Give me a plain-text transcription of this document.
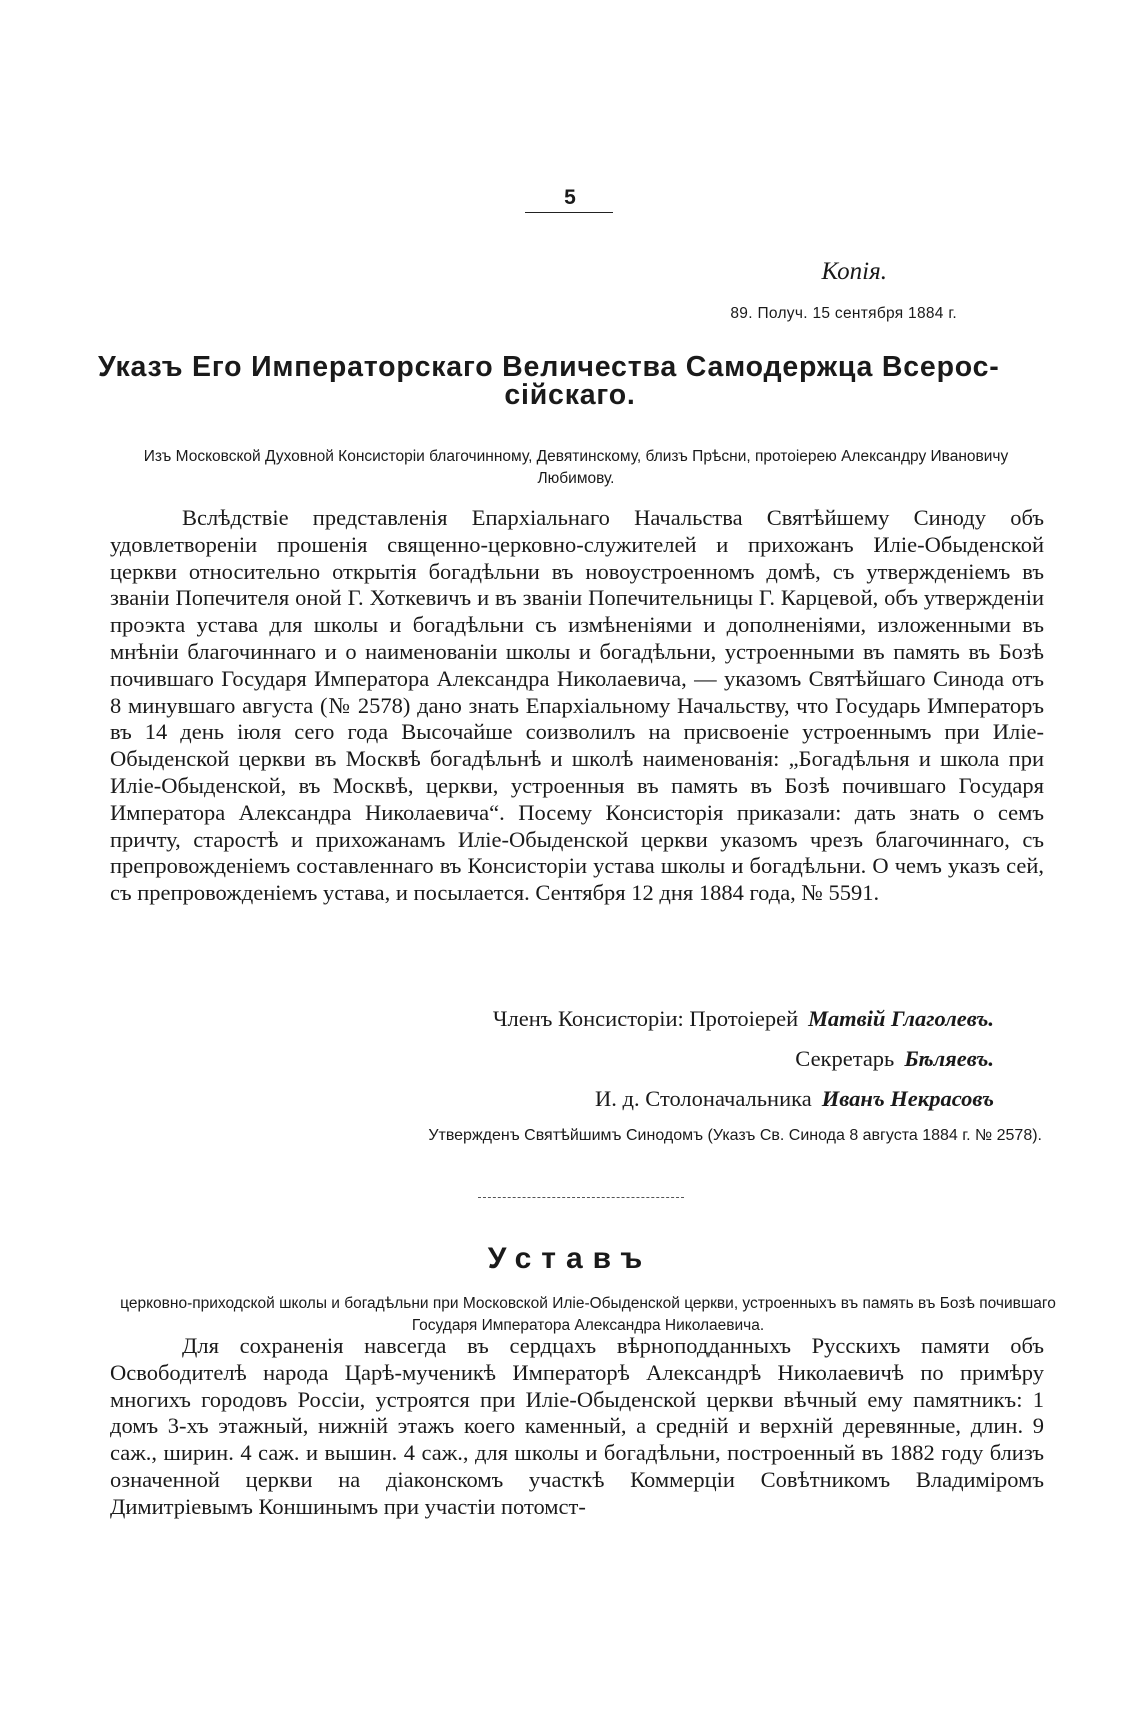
5
Копія.
89. Получ. 15 сентября 1884 г.
Указъ Его Императорскаго Величества Самодержца Всерос-
сійскаго.
Изъ Московской Духовной Консисторіи благочинному, Девятинскому, близъ Прѣсни, протоіерею Александру Ивановичу Любимову.

Вслѣдствіе представленія Епархіальнаго Начальства Святѣйшему Синоду объ удовлетвореніи прошенія священно-церковно-служителей и прихожанъ Иліе-Обыденской церкви относительно открытія богадѣльни въ новоустроенномъ домѣ, съ утвержденіемъ въ званіи Попечителя оной Г. Хоткевичъ и въ званіи Попечительницы Г. Карцевой, объ утвержденіи проэкта устава для школы и богадѣльни съ измѣненіями и дополненіями, изложенными въ мнѣніи благочиннаго и о наименованіи школы и богадѣльни, устроенными въ память въ Бозѣ почившаго Государя Императора Александра Николаевича, — указомъ Святѣйшаго Синода отъ 8 минувшаго августа (№ 2578) дано знать Епархіальному Начальству, что Государь Императоръ въ 14 день іюля сего года Высочайше соизволилъ на присвоеніе устроеннымъ при Иліе-Обыденской церкви въ Москвѣ богадѣльнѣ и школѣ наименованія: „Богадѣльня и школа при Иліе-Обыденской, въ Москвѣ, церкви, устроенныя въ память въ Бозѣ почившаго Государя Императора Александра Николаевича“. Посему Консисторія приказали: дать знать о семъ причту, старостѣ и прихожанамъ Иліе-Обыденской церкви указомъ чрезъ благочиннаго, съ препровожденіемъ составленнаго въ Консисторіи устава школы и богадѣльни. О чемъ указъ сей, съ препровожденіемъ устава, и посылается. Сентября 12 дня 1884 года, № 5591.

Членъ Консисторіи: Протоіерей Матвій Глаголевъ.
Секретарь Бѣляевъ.
И. д. Столоначальника Иванъ Некрасовъ
Утвержденъ Святѣйшимъ Синодомъ (Указъ Св. Синода 8 августа 1884 г. № 2578).
Уставъ
церковно-приходской школы и богадѣльни при Московской Иліе-Обыденской церкви, устроенныхъ въ память въ Бозѣ почившаго Государя Императора Александра Николаевича.

Для сохраненія навсегда въ сердцахъ вѣрноподданныхъ Русскихъ памяти объ Освободителѣ народа Царѣ-мученикѣ Императорѣ Александрѣ Николаевичѣ по примѣру многихъ городовъ Россіи, устроятся при Иліе-Обыденской церкви вѣчный ему памятникъ: 1 домъ 3-хъ этажный, нижній этажъ коего каменный, а средній и верхній деревянные, длин. 9 саж., ширин. 4 саж. и вышин. 4 саж., для школы и богадѣльни, построенный въ 1882 году близъ означенной церкви на діаконскомъ участкѣ Коммерціи Совѣтникомъ Владиміромъ Димитріевымъ Коншинымъ при участіи потомст-
